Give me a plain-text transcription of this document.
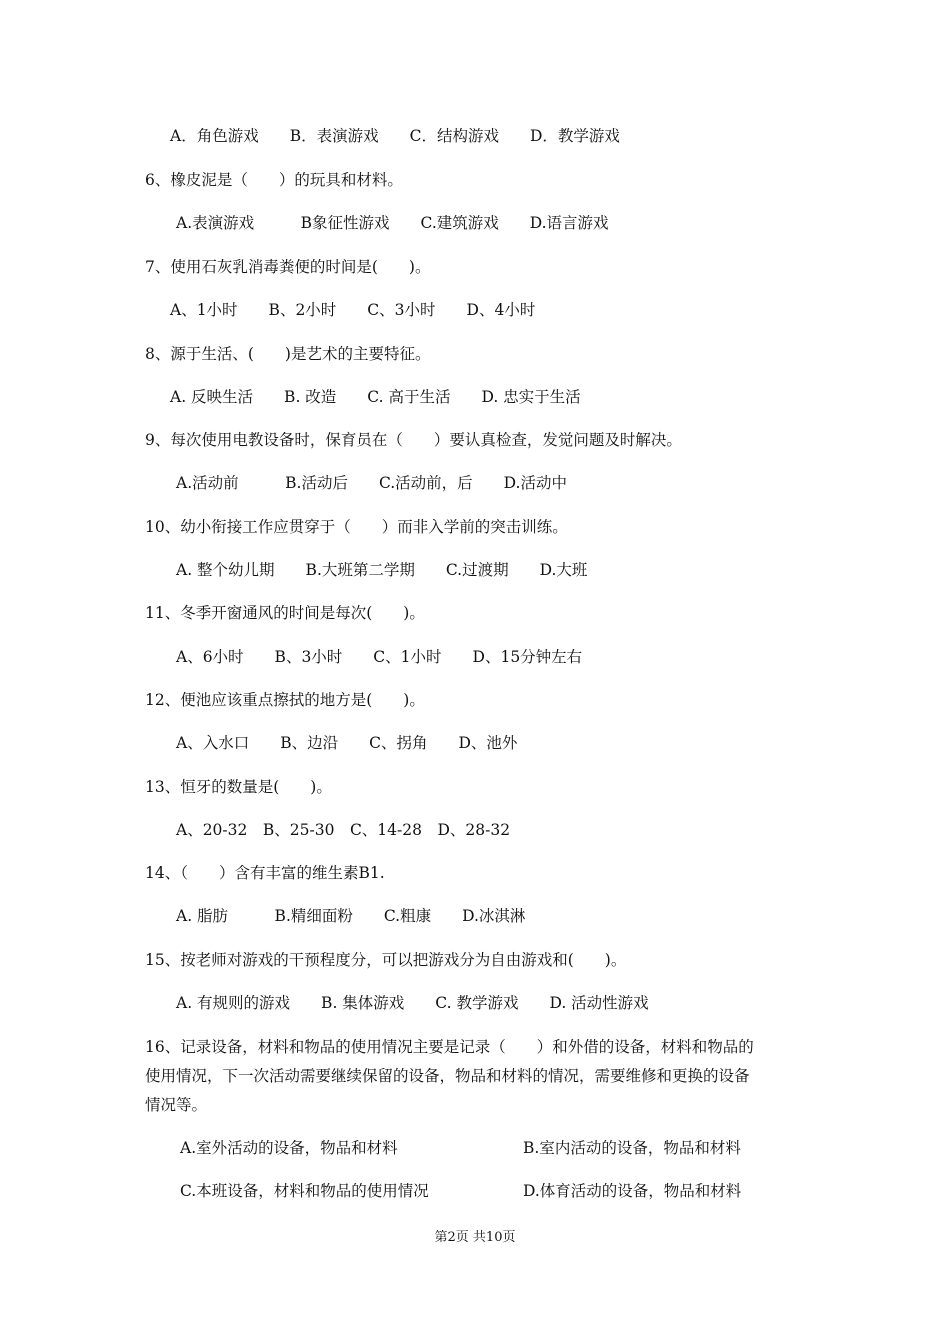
A．角色游戏　　B．表演游戏　　C．结构游戏　　D．教学游戏
6、橡皮泥是（　　）的玩具和材料。
A.表演游戏　　　B象征性游戏　　C.建筑游戏　　D.语言游戏
7、使用石灰乳消毒粪便的时间是(　　)。
A、1小时　　B、2小时　　C、3小时　　D、4小时
8、源于生活、(　　)是艺术的主要特征。
A. 反映生活　　B. 改造　　C. 高于生活　　D. 忠实于生活
9、每次使用电教设备时，保育员在（　　）要认真检查，发觉问题及时解决。
A.活动前　　　B.活动后　　C.活动前，后　　D.活动中
10、幼小衔接工作应贯穿于（　　）而非入学前的突击训练。
A. 整个幼儿期　　B.大班第二学期　　C.过渡期　　D.大班
11、冬季开窗通风的时间是每次(　　)。
A、6小时　　B、3小时　　C、1小时　　D、15分钟左右
12、便池应该重点擦拭的地方是(　　)。
A、入水口　　B、边沿　　C、拐角　　D、池外
13、恒牙的数量是(　　)。
A、20-32　B、25-30　C、14-28　D、28-32
14、（　　）含有丰富的维生素B1.
A. 脂肪　　　B.精细面粉　　C.粗康　　D.冰淇淋
15、按老师对游戏的干预程度分，可以把游戏分为自由游戏和(　　)。
A. 有规则的游戏　　B. 集体游戏　　C. 教学游戏　　D. 活动性游戏
16、记录设备，材料和物品的使用情况主要是记录（　　）和外借的设备，材料和物品的
使用情况，下一次活动需要继续保留的设备，物品和材料的情况，需要维修和更换的设备
情况等。
A.室外活动的设备，物品和材料	B.室内活动的设备，物品和材料
C.本班设备，材料和物品的使用情况	D.体育活动的设备，物品和材料
第2页 共10页
